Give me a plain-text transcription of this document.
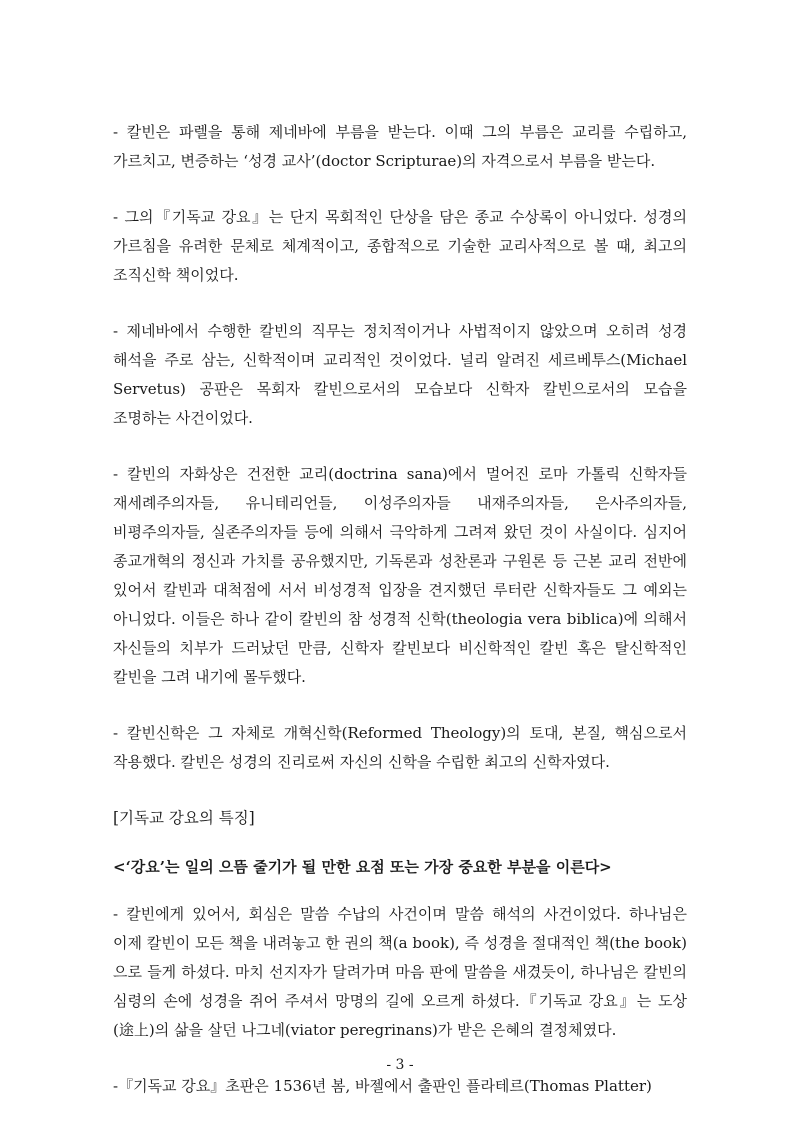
- 칼빈은 파렐을 통해 제네바에 부름을 받는다. 이때 그의 부름은 교리를 수립하고, 가르치고, 변증하는 ‘성경 교사’(doctor Scripturae)의 자격으로서 부름을 받는다.

- 그의『기독교 강요』는 단지 목회적인 단상을 담은 종교 수상록이 아니었다. 성경의 가르침을 유려한 문체로 체계적이고, 종합적으로 기술한 교리사적으로 볼 때, 최고의 조직신학 책이었다.

- 제네바에서 수행한 칼빈의 직무는 정치적이거나 사법적이지 않았으며 오히려 성경 해석을 주로 삼는, 신학적이며 교리적인 것이었다. 널리 알려진 세르베투스(Michael Servetus) 공판은 목회자 칼빈으로서의 모습보다 신학자 칼빈으로서의 모습을 조명하는 사건이었다.

- 칼빈의 자화상은 건전한 교리(doctrina sana)에서 멀어진 로마 가톨릭 신학자들 재세례주의자들, 유니테리언들, 이성주의자들 내재주의자들, 은사주의자들, 비평주의자들, 실존주의자들 등에 의해서 극악하게 그려져 왔던 것이 사실이다. 심지어 종교개혁의 정신과 가치를 공유했지만, 기독론과 성찬론과 구원론 등 근본 교리 전반에 있어서 칼빈과 대척점에 서서 비성경적 입장을 견지했던 루터란 신학자들도 그 예외는 아니었다. 이들은 하나 같이 칼빈의 참 성경적 신학(theologia vera biblica)에 의해서 자신들의 치부가 드러났던 만큼, 신학자 칼빈보다 비신학적인 칼빈 혹은 탈신학적인 칼빈을 그려 내기에 몰두했다.

- 칼빈신학은 그 자체로 개혁신학(Reformed Theology)의 토대, 본질, 핵심으로서 작용했다. 칼빈은 성경의 진리로써 자신의 신학을 수립한 최고의 신학자였다.

[기독교 강요의 특징]
<‘강요’는 일의 으뜸 줄기가 될 만한 요점 또는 가장 중요한 부분을 이른다>

- 칼빈에게 있어서, 회심은 말씀 수납의 사건이며 말씀 해석의 사건이었다. 하나님은 이제 칼빈이 모든 책을 내려놓고 한 권의 책(a book), 즉 성경을 절대적인 책(the book)으로 들게 하셨다. 마치 선지자가 달려가며 마음 판에 말씀을 새겼듯이, 하나님은 칼빈의 심령의 손에 성경을 쥐어 주셔서 망명의 길에 오르게 하셨다.『기독교 강요』는 도상(途上)의 삶을 살던 나그네(viator peregrinans)가 받은 은혜의 결정체였다.

-『기독교 강요』초판은 1536년 봄, 바젤에서 출판인 플라테르(Thomas Platter)

- 3 -
